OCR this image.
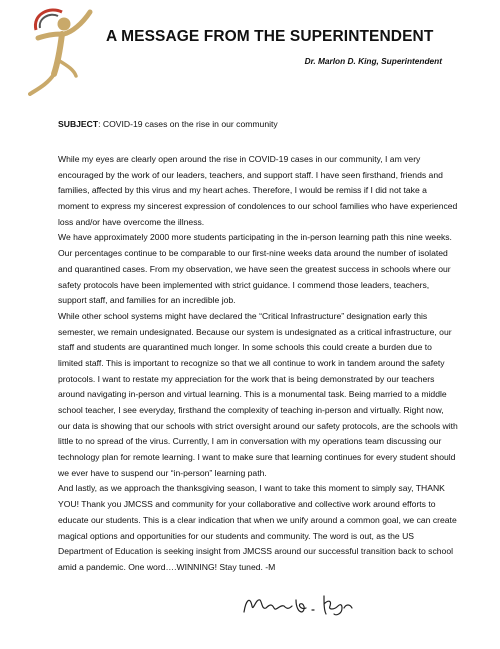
A MESSAGE FROM THE SUPERINTENDENT
Dr. Marlon D. King, Superintendent
SUBJECT: COVID-19 cases on the rise in our community

While my eyes are clearly open around the rise in COVID-19 cases in our community, I am very encouraged by the work of our leaders, teachers, and support staff. I have seen firsthand, friends and families, affected by this virus and my heart aches. Therefore, I would be remiss if I did not take a moment to express my sincerest expression of condolences to our school families who have experienced loss and/or have overcome the illness.

We have approximately 2000 more students participating in the in-person learning path this nine weeks. Our percentages continue to be comparable to our first-nine weeks data around the number of isolated and quarantined cases. From my observation, we have seen the greatest success in schools where our safety protocols have been implemented with strict guidance. I commend those leaders, teachers, support staff, and families for an incredible job.

While other school systems might have declared the “Critical Infrastructure” designation early this semester, we remain undesignated. Because our system is undesignated as a critical infrastructure, our staff and students are quarantined much longer. In some schools this could create a burden due to limited staff. This is important to recognize so that we all continue to work in tandem around the safety protocols. I want to restate my appreciation for the work that is being demonstrated by our teachers around navigating in-person and virtual learning. This is a monumental task. Being married to a middle school teacher, I see everyday, firsthand the complexity of teaching in-person and virtually. Right now, our data is showing that our schools with strict oversight around our safety protocols, are the schools with little to no spread of the virus. Currently, I am in conversation with my operations team discussing our technology plan for remote learning. I want to make sure that learning continues for every student should we ever have to suspend our “in-person” learning path.

And lastly, as we approach the thanksgiving season, I want to take this moment to simply say, THANK YOU! Thank you JMCSS and community for your collaborative and collective work around efforts to educate our students. This is a clear indication that when we unify around a common goal, we can create magical options and opportunities for our students and community. The word is out, as the US Department of Education is seeking insight from JMCSS around our successful transition back to school amid a pandemic. One word….WINNING! Stay tuned. -M
